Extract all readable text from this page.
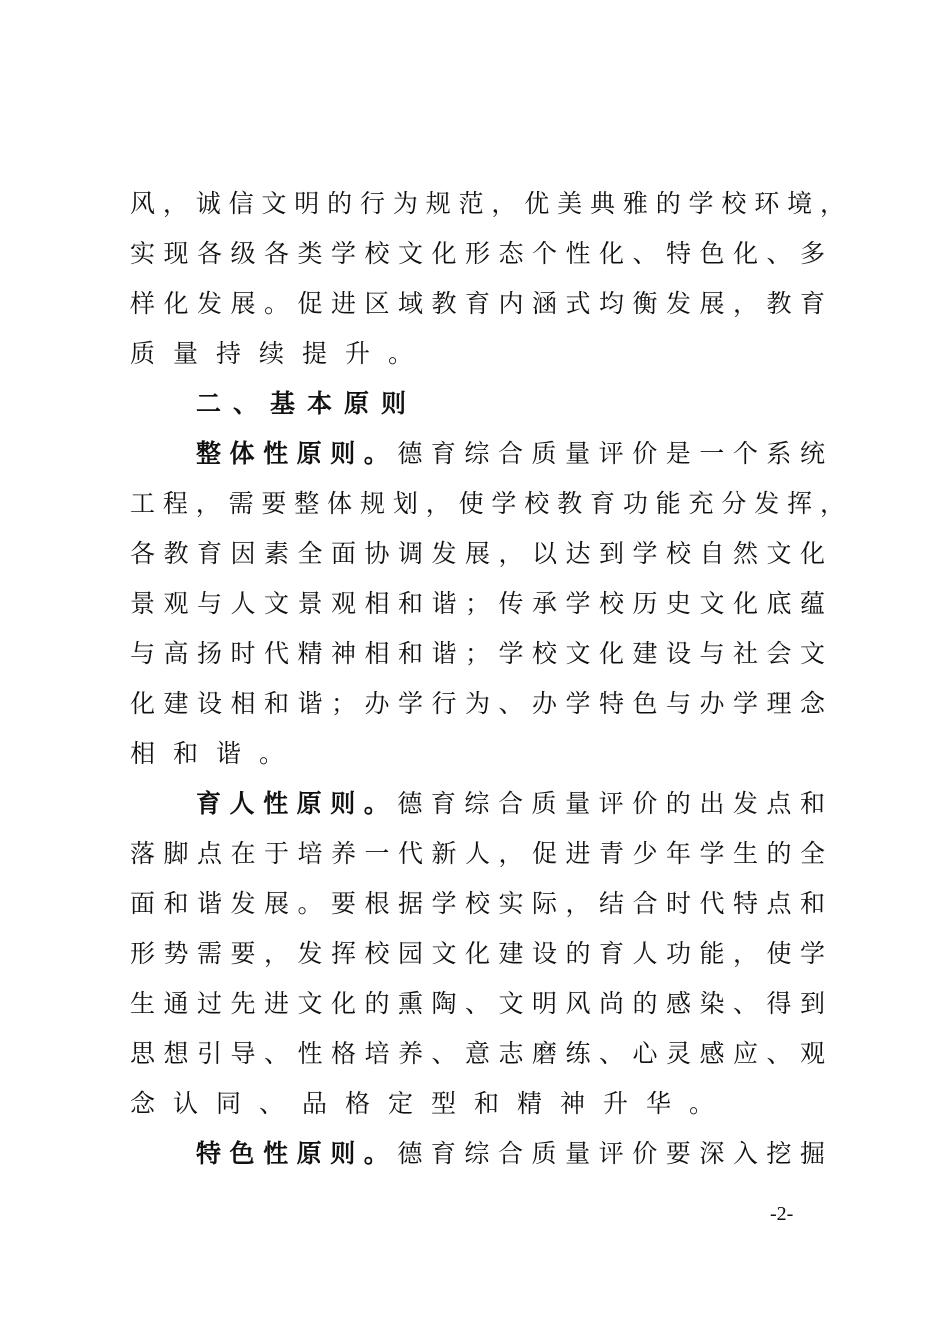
风，诚信文明的行为规范，优美典雅的学校环境，
实现各级各类学校文化形态个性化、特色化、多
样化发展。促进区域教育内涵式均衡发展，教育
质量持续提升。
二、基本原则
整体性原则。德育综合质量评价是一个系统
工程，需要整体规划，使学校教育功能充分发挥，
各教育因素全面协调发展，以达到学校自然文化
景观与人文景观相和谐；传承学校历史文化底蕴
与高扬时代精神相和谐；学校文化建设与社会文
化建设相和谐；办学行为、办学特色与办学理念
相和谐。
育人性原则。德育综合质量评价的出发点和
落脚点在于培养一代新人，促进青少年学生的全
面和谐发展。要根据学校实际，结合时代特点和
形势需要，发挥校园文化建设的育人功能，使学
生通过先进文化的熏陶、文明风尚的感染、得到
思想引导、性格培养、意志磨练、心灵感应、观
念认同、品格定型和精神升华。
特色性原则。德育综合质量评价要深入挖掘
-2-
